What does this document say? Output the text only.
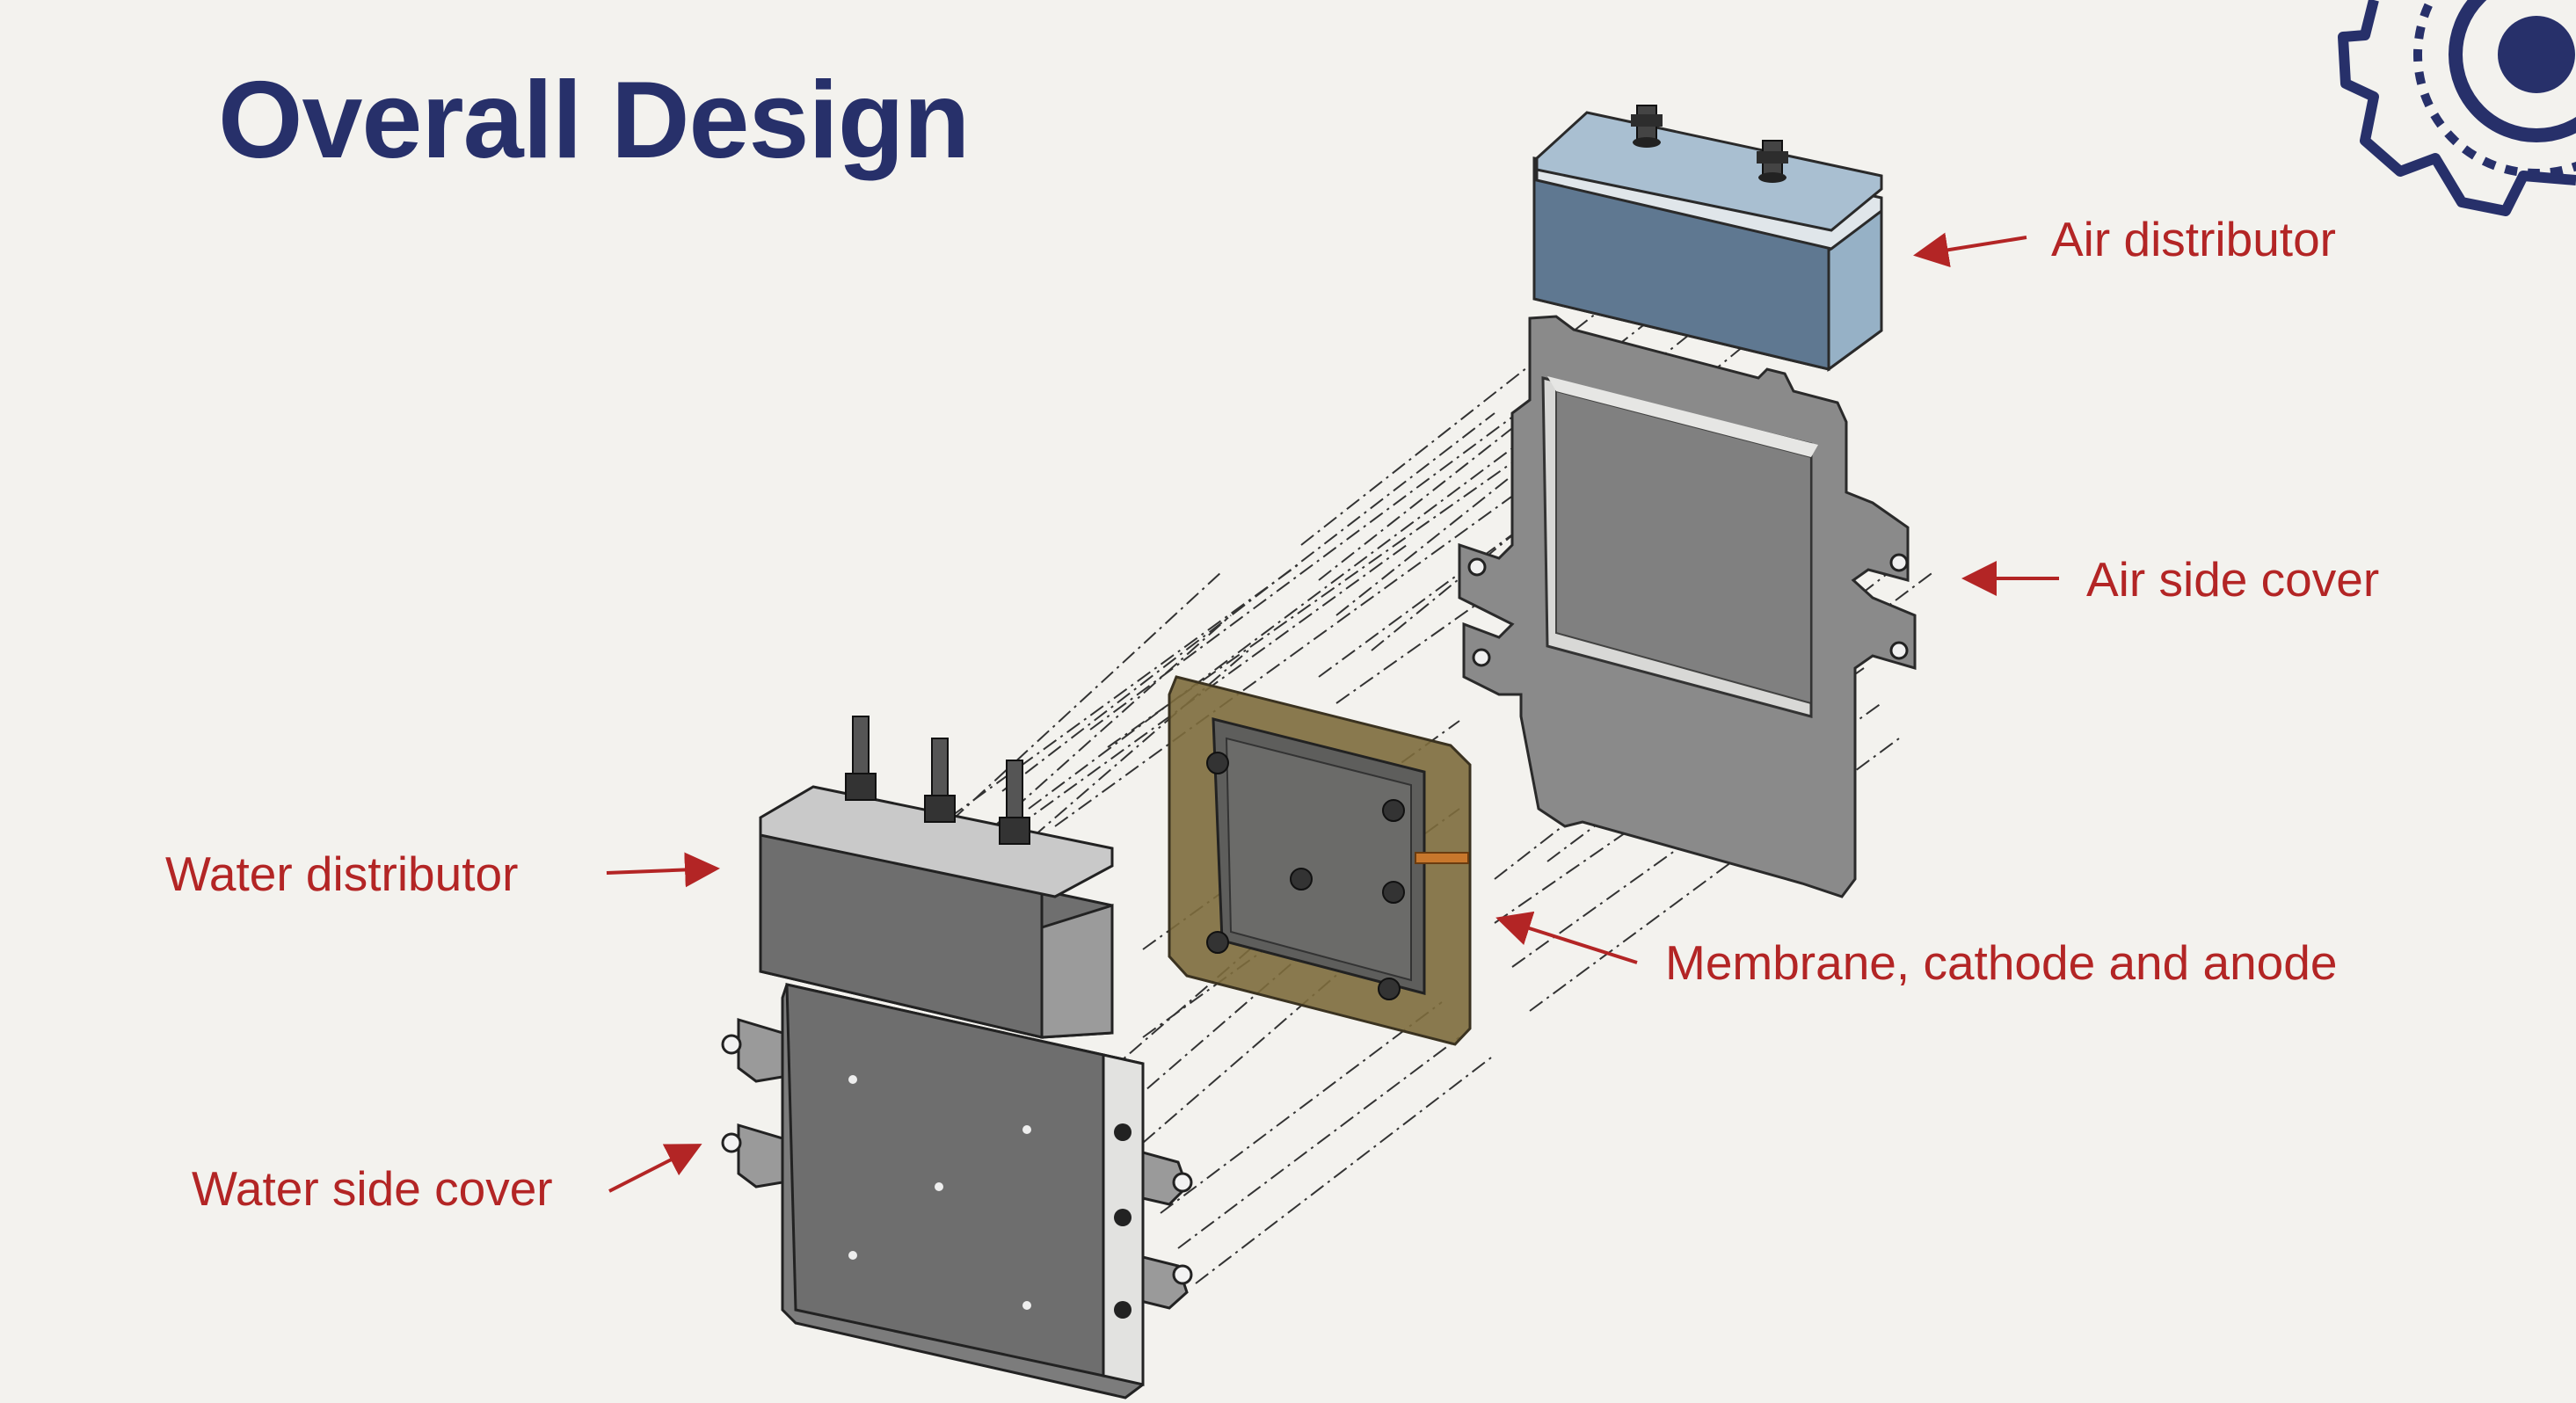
Overall Design
Air distributor
Air side cover
Water distributor
Membrane, cathode and anode
Water side cover
